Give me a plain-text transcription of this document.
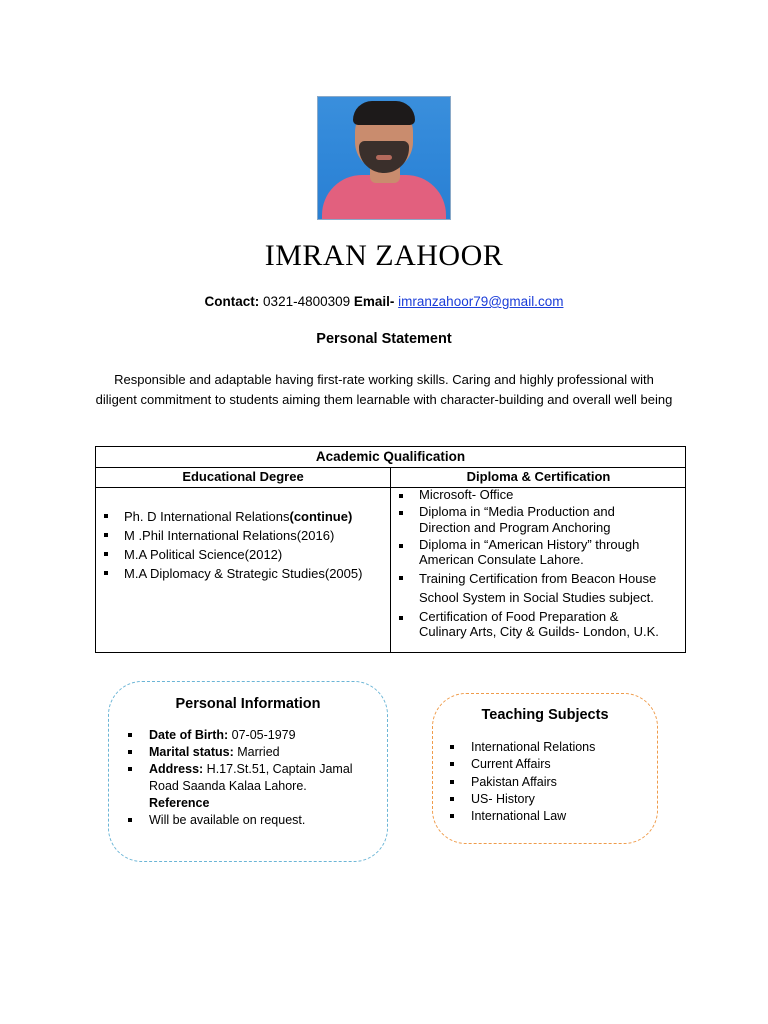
IMRAN ZAHOOR
Contact: 0321-4800309 Email- imranzahoor79@gmail.com
Personal Statement
Responsible and adaptable having first-rate working skills. Caring and highly professional with diligent commitment to students aiming them learnable with character-building and overall well being
Academic Qualification
Educational Degree	Diploma & Certification
Microsoft- Office
Diploma in “Media Production and Direction and Program Anchoring
Diploma in “American History” through American Consulate Lahore.
Training Certification from Beacon House School System in Social Studies subject.
Certification of Food Preparation & Culinary Arts, City & Guilds- London, U.K.
Ph. D International Relations(continue)
M .Phil International Relations(2016)
M.A Political Science(2012)
M.A Diplomacy & Strategic Studies(2005)
Personal Information
Date of Birth: 07-05-1979
Marital status: Married
Address: H.17.St.51, Captain Jamal Road Saanda Kalaa Lahore.
Reference
Will be available on request.
Teaching Subjects
International Relations
Current Affairs
Pakistan Affairs
US- History
International Law
